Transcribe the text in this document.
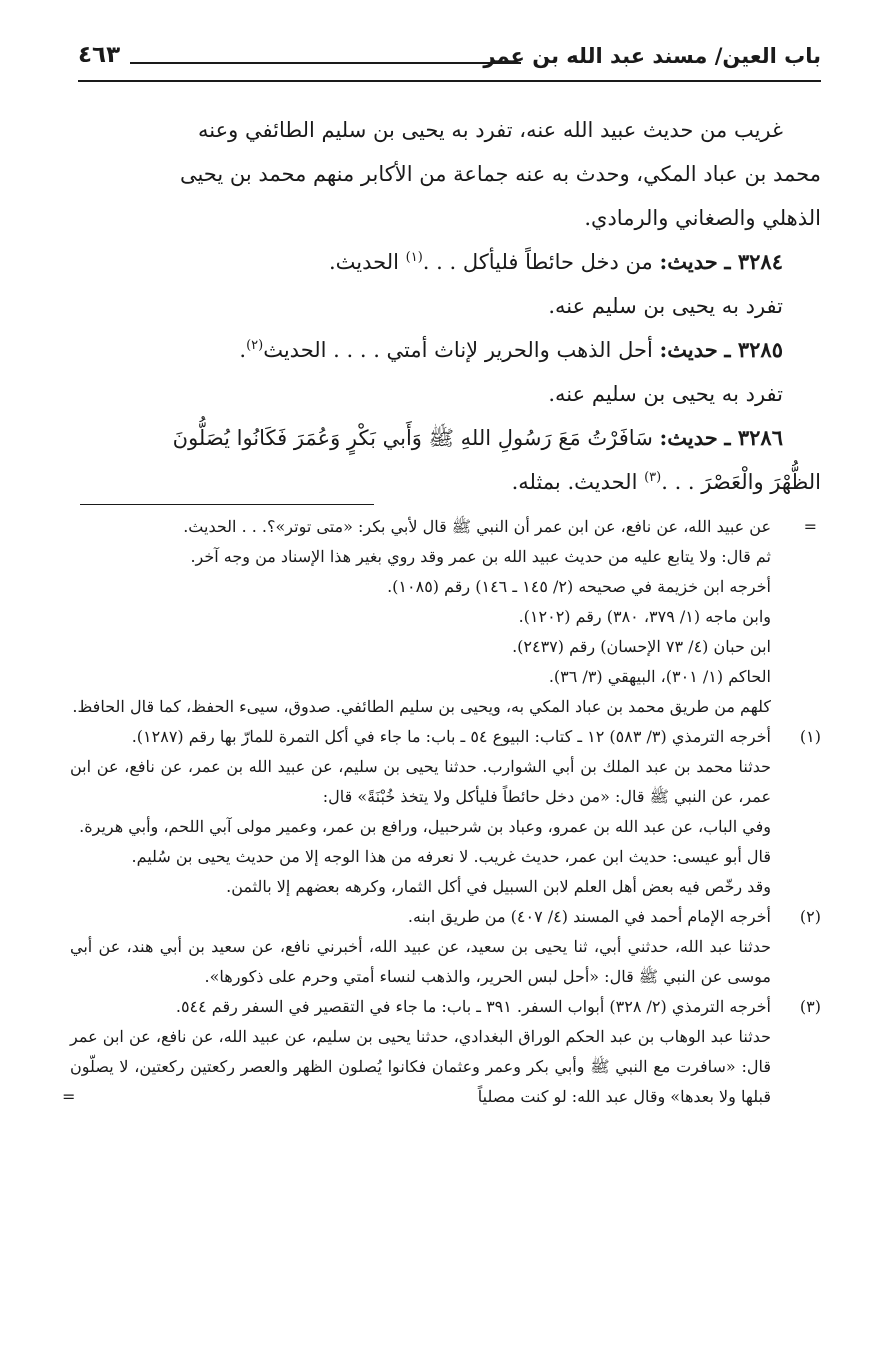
باب العين/ مسند عبد الله بن عمر
٤٦٣

غريب من حديث عبيد الله عنه، تفرد به يحيى بن سليم الطائفي وعنه

محمد بن عباد المكي، وحدث به عنه جماعة من الأكابر منهم محمد بن يحيى

الذهلي والصغاني والرمادي.

٣٢٨٤ ـ حديث: من دخل حائطاً فليأكل . . .$^{(١)}$ الحديث.

تفرد به يحيى بن سليم عنه.

٣٢٨٥ ـ حديث: أحل الذهب والحرير لإناث أمتي . . . . الحديث$^{(٢)}$.

تفرد به يحيى بن سليم عنه.

٣٢٨٦ ـ حديث: سَافَرْتُ مَعَ رَسُولِ اللهِ ﷺ وَأَبي بَكْرٍ وَعُمَرَ فَكَانُوا يُصَلُّونَ

الظُّهْرَ والْعَصْرَ . . .$^{(٣)}$ الحديث. بمثله.

=

عن عبيد الله، عن نافع، عن ابن عمر أن النبي ﷺ قال لأبي بكر: «متى توتر»؟. . . الحديث.

ثم قال: ولا يتابع عليه من حديث عبيد الله بن عمر وقد روي بغير هذا الإسناد من وجه آخر.

أخرجه ابن خزيمة في صحيحه (٢/ ١٤٥ ـ ١٤٦) رقم (١٠٨٥).

وابن ماجه (١/ ٣٧٩، ٣٨٠) رقم (١٢٠٢).

ابن حبان (٤/ ٧٣ الإحسان) رقم (٢٤٣٧).

الحاكم (١/ ٣٠١)، البيهقي (٣/ ٣٦).

كلهم من طريق محمد بن عباد المكي به، ويحيى بن سليم الطائفي. صدوق، سيىء الحفظ، كما قال الحافظ.

(١)

أخرجه الترمذي (٣/ ٥٨٣) ١٢ ـ كتاب: البيوع ٥٤ ـ باب: ما جاء في أكل التمرة للمارّ بها رقم (١٢٨٧).

حدثنا محمد بن عبد الملك بن أبي الشوارب. حدثنا يحيى بن سليم، عن عبيد الله بن عمر، عن نافع، عن ابن عمر، عن النبي ﷺ قال: «من دخل حائطاً فليأكل ولا يتخذ خُبْنَةً» قال:

وفي الباب، عن عبد الله بن عمرو، وعباد بن شرحبيل، ورافع بن عمر، وعمير مولى آبي اللحم، وأبي هريرة.

قال أبو عيسى: حديث ابن عمر، حديث غريب. لا نعرفه من هذا الوجه إلا من حديث يحيى بن سُليم.

وقد رخّص فيه بعض أهل العلم لابن السبيل في أكل الثمار، وكرهه بعضهم إلا بالثمن.

(٢)

أخرجه الإمام أحمد في المسند (٤/ ٤٠٧) من طريق ابنه.

حدثنا عبد الله، حدثني أبي، ثنا يحيى بن سعيد، عن عبيد الله، أخبرني نافع، عن سعيد بن أبي هند، عن أبي موسى عن النبي ﷺ قال: «أحل لبس الحرير، والذهب لنساء أمتي وحرم على ذكورها».

(٣)

أخرجه الترمذي (٢/ ٣٢٨) أبواب السفر. ٣٩١ ـ باب: ما جاء في التقصير في السفر رقم ٥٤٤.

حدثنا عبد الوهاب بن عبد الحكم الوراق البغدادي، حدثنا يحيى بن سليم، عن عبيد الله، عن نافع، عن ابن عمر قال: «سافرت مع النبي ﷺ وأبي بكر وعمر وعثمان فكانوا يُصلون الظهر والعصر ركعتين ركعتين، لا يصلّون قبلها ولا بعدها» وقال عبد الله: لو كنت مصلياً

=
